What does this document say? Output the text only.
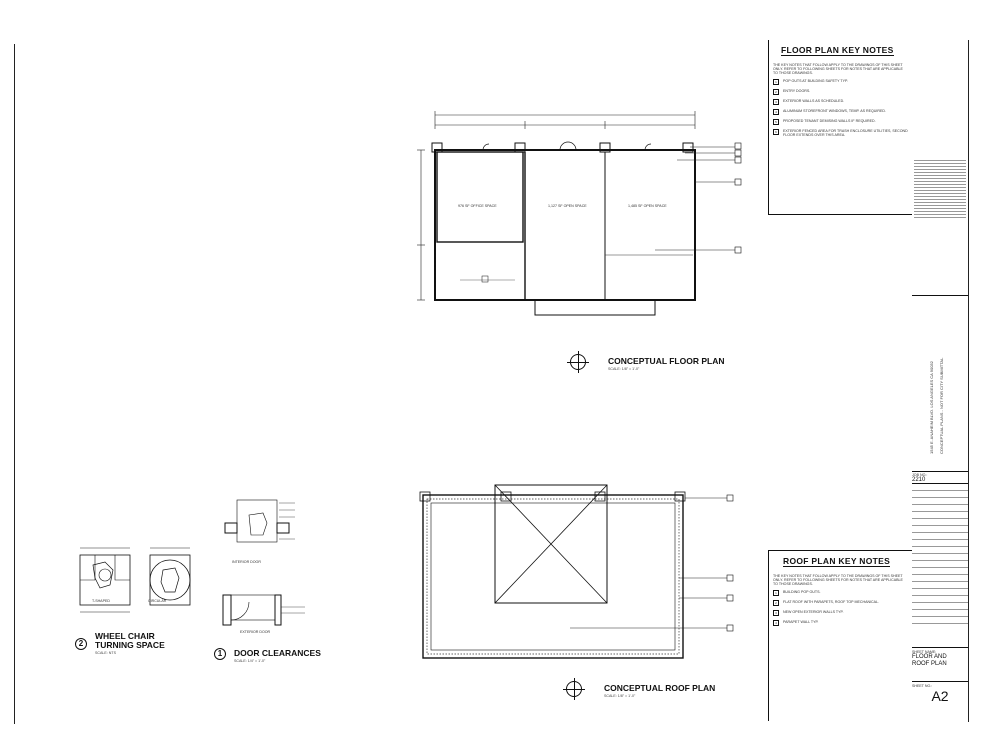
976 SF OFFICE SPACE	1,127 SF OPEN SPACE	1,485 SF OPEN SPACE
CONCEPTUAL FLOOR PLAN
SCALE: 1/8" = 1'-0"
CONCEPTUAL ROOF PLAN
SCALE: 1/8" = 1'-0"
T-SHAPED	CIRCULAR
2
WHEEL CHAIR
TURNING SPACE
SCALE: NTS
INTERIOR DOOR
EXTERIOR DOOR
1	DOOR CLEARANCES
SCALE: 1/4" = 1'-0"
FLOOR PLAN KEY NOTES
THE KEY NOTES THAT FOLLOW APPLY TO THE DRAWINGS OF THIS SHEET ONLY. REFER TO FOLLOWING SHEETS FOR NOTES THAT ARE APPLICABLE TO THOSE DRAWINGS.
1	POP OUTS AT BUILDING SAFETY TYP.
2	ENTRY DOORS.
3	EXTERIOR WALLS AS SCHEDULED.
4	ALUMINUM STOREFRONT WINDOWS, TEMP. AS REQUIRED.
5	PROPOSED TENANT DEMISING WALLS IF REQUIRED.
6	EXTERIOR FENCED AREA FOR TRASH ENCLOSURE UTILITIES, SECOND FLOOR EXTENDS OVER THIS AREA.
ROOF PLAN KEY NOTES
THE KEY NOTES THAT FOLLOW APPLY TO THE DRAWINGS OF THIS SHEET ONLY. REFER TO FOLLOWING SHEETS FOR NOTES THAT ARE APPLICABLE TO THOSE DRAWINGS.
1	BUILDING POP OUTS.
2	FLAT ROOF WITH PARAPETS, ROOF TOP MECHANICAL.
3	NEW OPEN EXTERIOR WALLS TYP.
4	PARAPET WALL TYP.
1545 E. ANAHEIM BLVD. LOS ANGELES CA 90032 CONCEPTUAL PLANS - NOT FOR CITY SUBMITTAL
JOB NO.:
2210
SHEET NAME:
FLOOR AND
ROOF PLAN
SHEET NO.:
A2
